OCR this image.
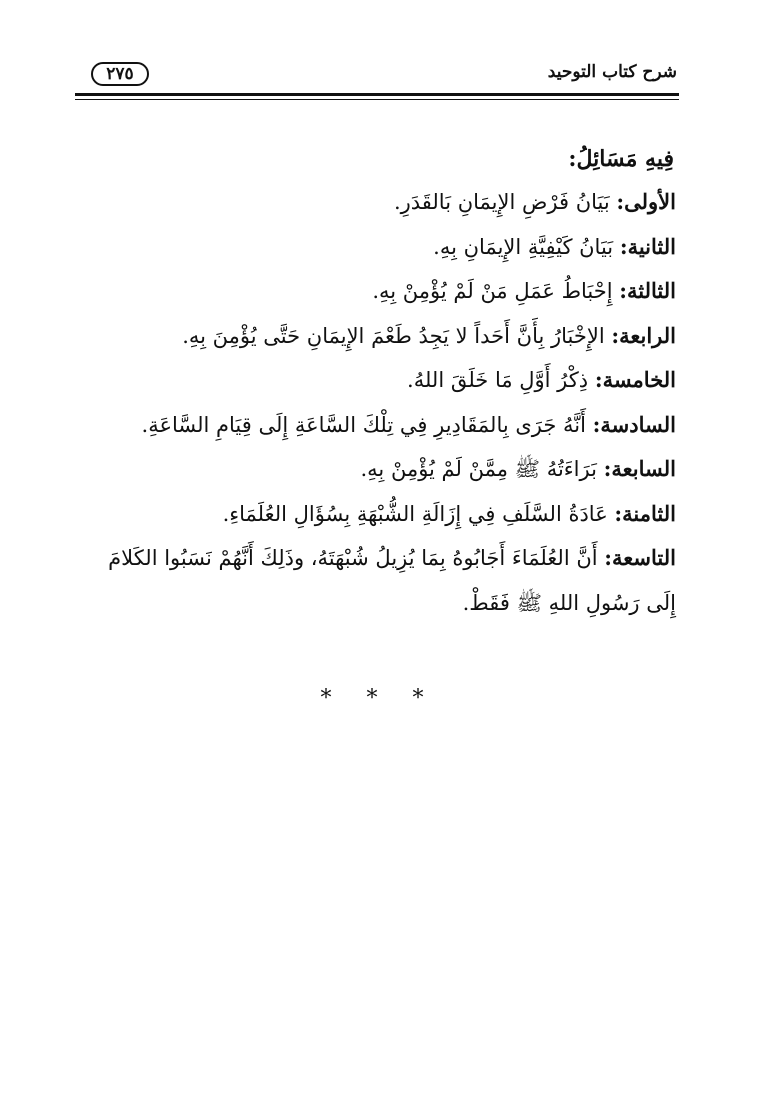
شرح كتاب التوحيد
٢٧٥
فِيهِ مَسَائِلُ:

الأولى: بَيَانُ فَرْضِ الإِيمَانِ بَالقَدَرِ.

الثانية: بَيَانُ كَيْفِيَّةِ الإِيمَانِ بِهِ.

الثالثة: إِحْبَاطُ عَمَلِ مَنْ لَمْ يُؤْمِنْ بِهِ.

الرابعة: الإِخْبَارُ بِأَنَّ أَحَداً لا يَجِدُ طَعْمَ الإِيمَانِ حَتَّى يُؤْمِنَ بِهِ.

الخامسة: ذِكْرُ أَوَّلِ مَا خَلَقَ اللهُ.

السادسة: أَنَّهُ جَرَى بِالمَقَادِيرِ فِي تِلْكَ السَّاعَةِ إِلَى قِيَامِ السَّاعَةِ.

السابعة: بَرَاءَتُهُ ﷺ مِمَّنْ لَمْ يُؤْمِنْ بِهِ.

الثامنة: عَادَةُ السَّلَفِ فِي إِزَالَةِ الشُّبْهَةِ بِسُؤَالِ العُلَمَاءِ.

التاسعة: أَنَّ العُلَمَاءَ أَجَابُوهُ بِمَا يُزِيلُ شُبْهَتَهُ، وذَلِكَ أَنَّهُمْ نَسَبُوا الكَلامَ إِلَى رَسُولِ اللهِ ﷺ فَقَطْ.

* * *
